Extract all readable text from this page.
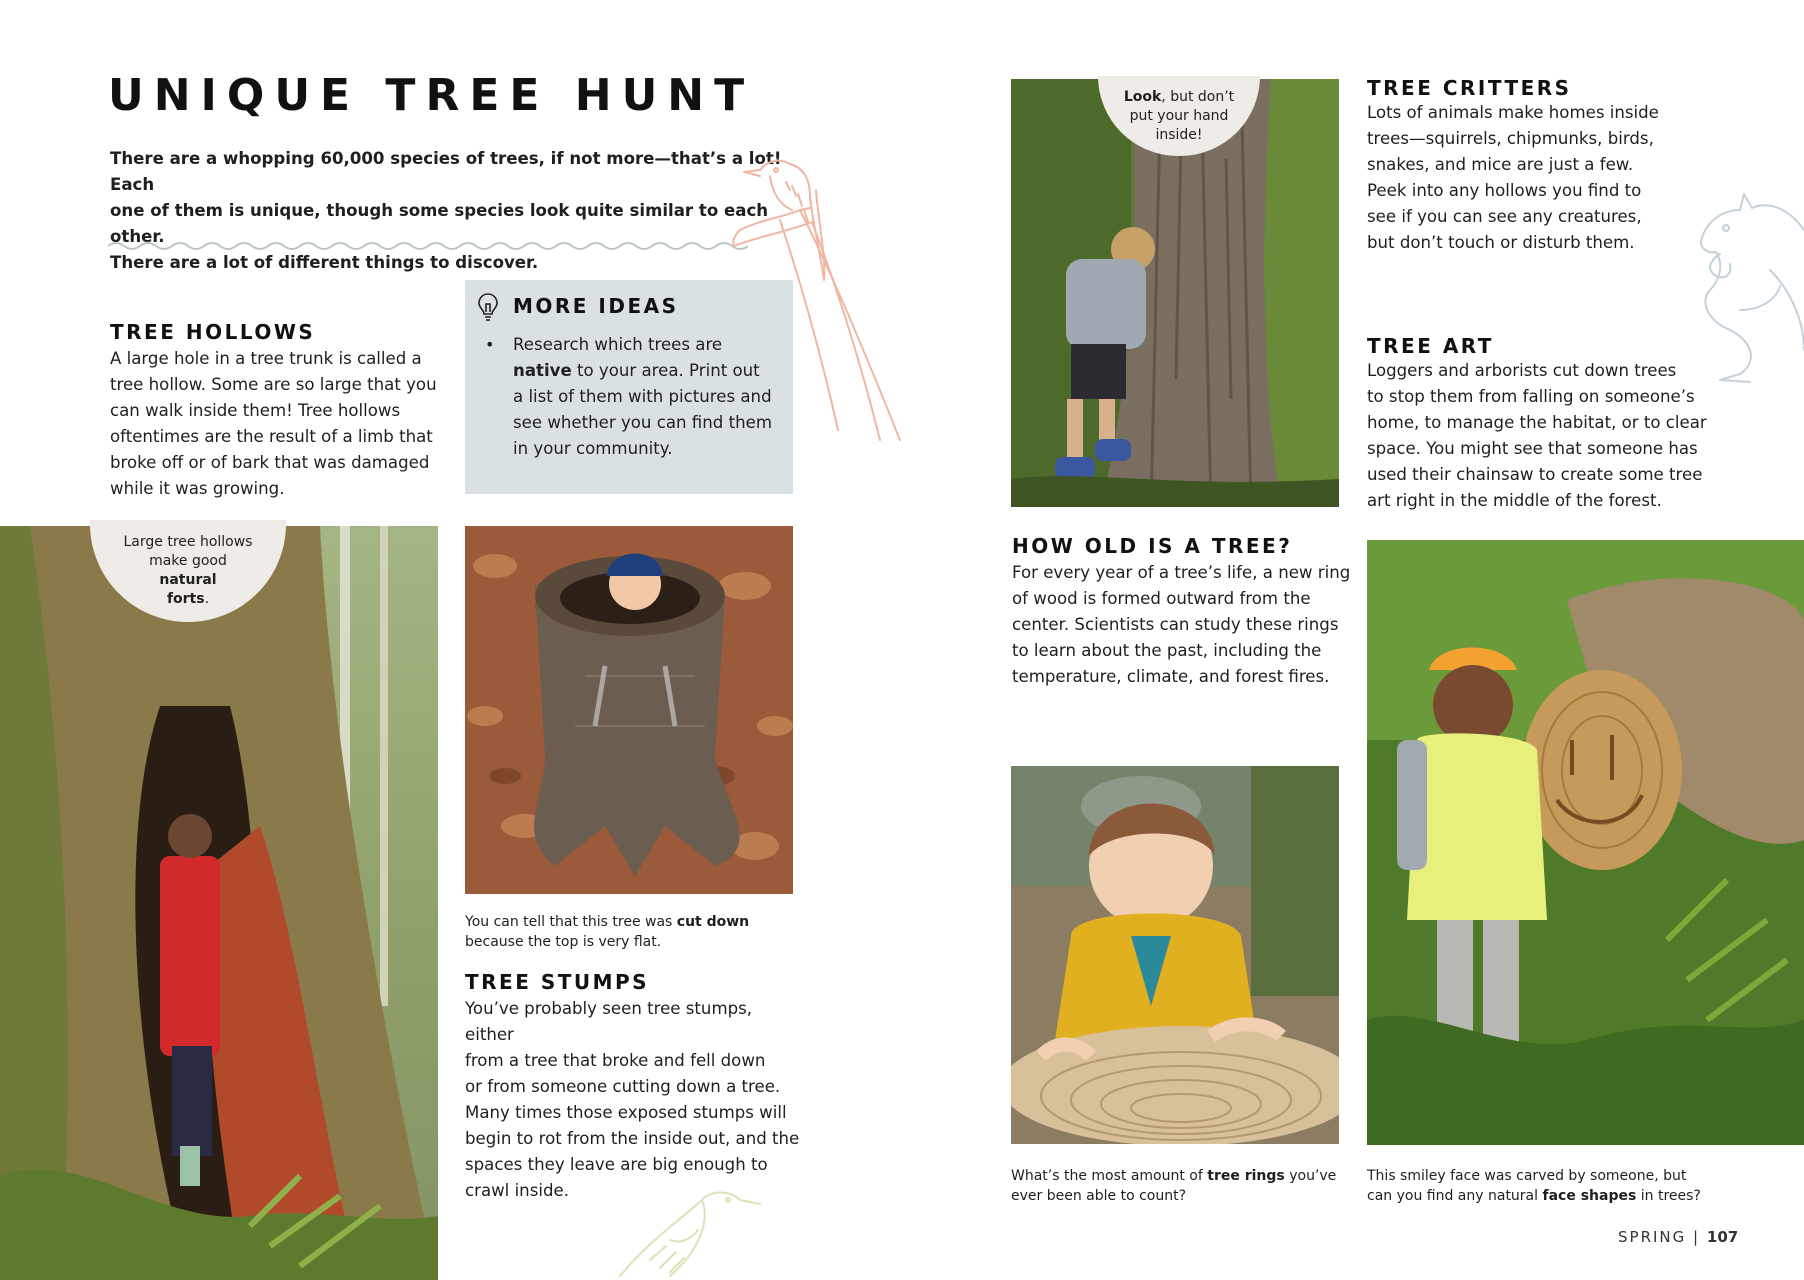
UNIQUE TREE HUNT
There are a whopping 60,000 species of trees, if not more—that’s a lot! Each
one of them is unique, though some species look quite similar to each other.
There are a lot of different things to discover.
TREE HOLLOWS
A large hole in a tree trunk is called a
tree hollow. Some are so large that you
can walk inside them! Tree hollows
oftentimes are the result of a limb that
broke off or of bark that was damaged
while it was growing.
Large tree hollows
make good
natural
forts.
MORE IDEAS
• Research which trees are
native to your area. Print out
a list of them with pictures and
see whether you can find them
in your community.
You can tell that this tree was cut down
because the top is very flat.
TREE STUMPS
You’ve probably seen tree stumps, either
from a tree that broke and fell down
or from someone cutting down a tree.
Many times those exposed stumps will
begin to rot from the inside out, and the
spaces they leave are big enough to
crawl inside.
Look, but don’t
put your hand
inside!
HOW OLD IS A TREE?
For every year of a tree’s life, a new ring
of wood is formed outward from the
center. Scientists can study these rings
to learn about the past, including the
temperature, climate, and forest fires.
What’s the most amount of tree rings you’ve
ever been able to count?
TREE CRITTERS
Lots of animals make homes inside
trees—squirrels, chipmunks, birds,
snakes, and mice are just a few.
Peek into any hollows you find to
see if you can see any creatures,
but don’t touch or disturb them.
TREE ART
Loggers and arborists cut down trees
to stop them from falling on someone’s
home, to manage the habitat, or to clear
space. You might see that someone has
used their chainsaw to create some tree
art right in the middle of the forest.
This smiley face was carved by someone, but
can you find any natural face shapes in trees?
SPRING | 107
